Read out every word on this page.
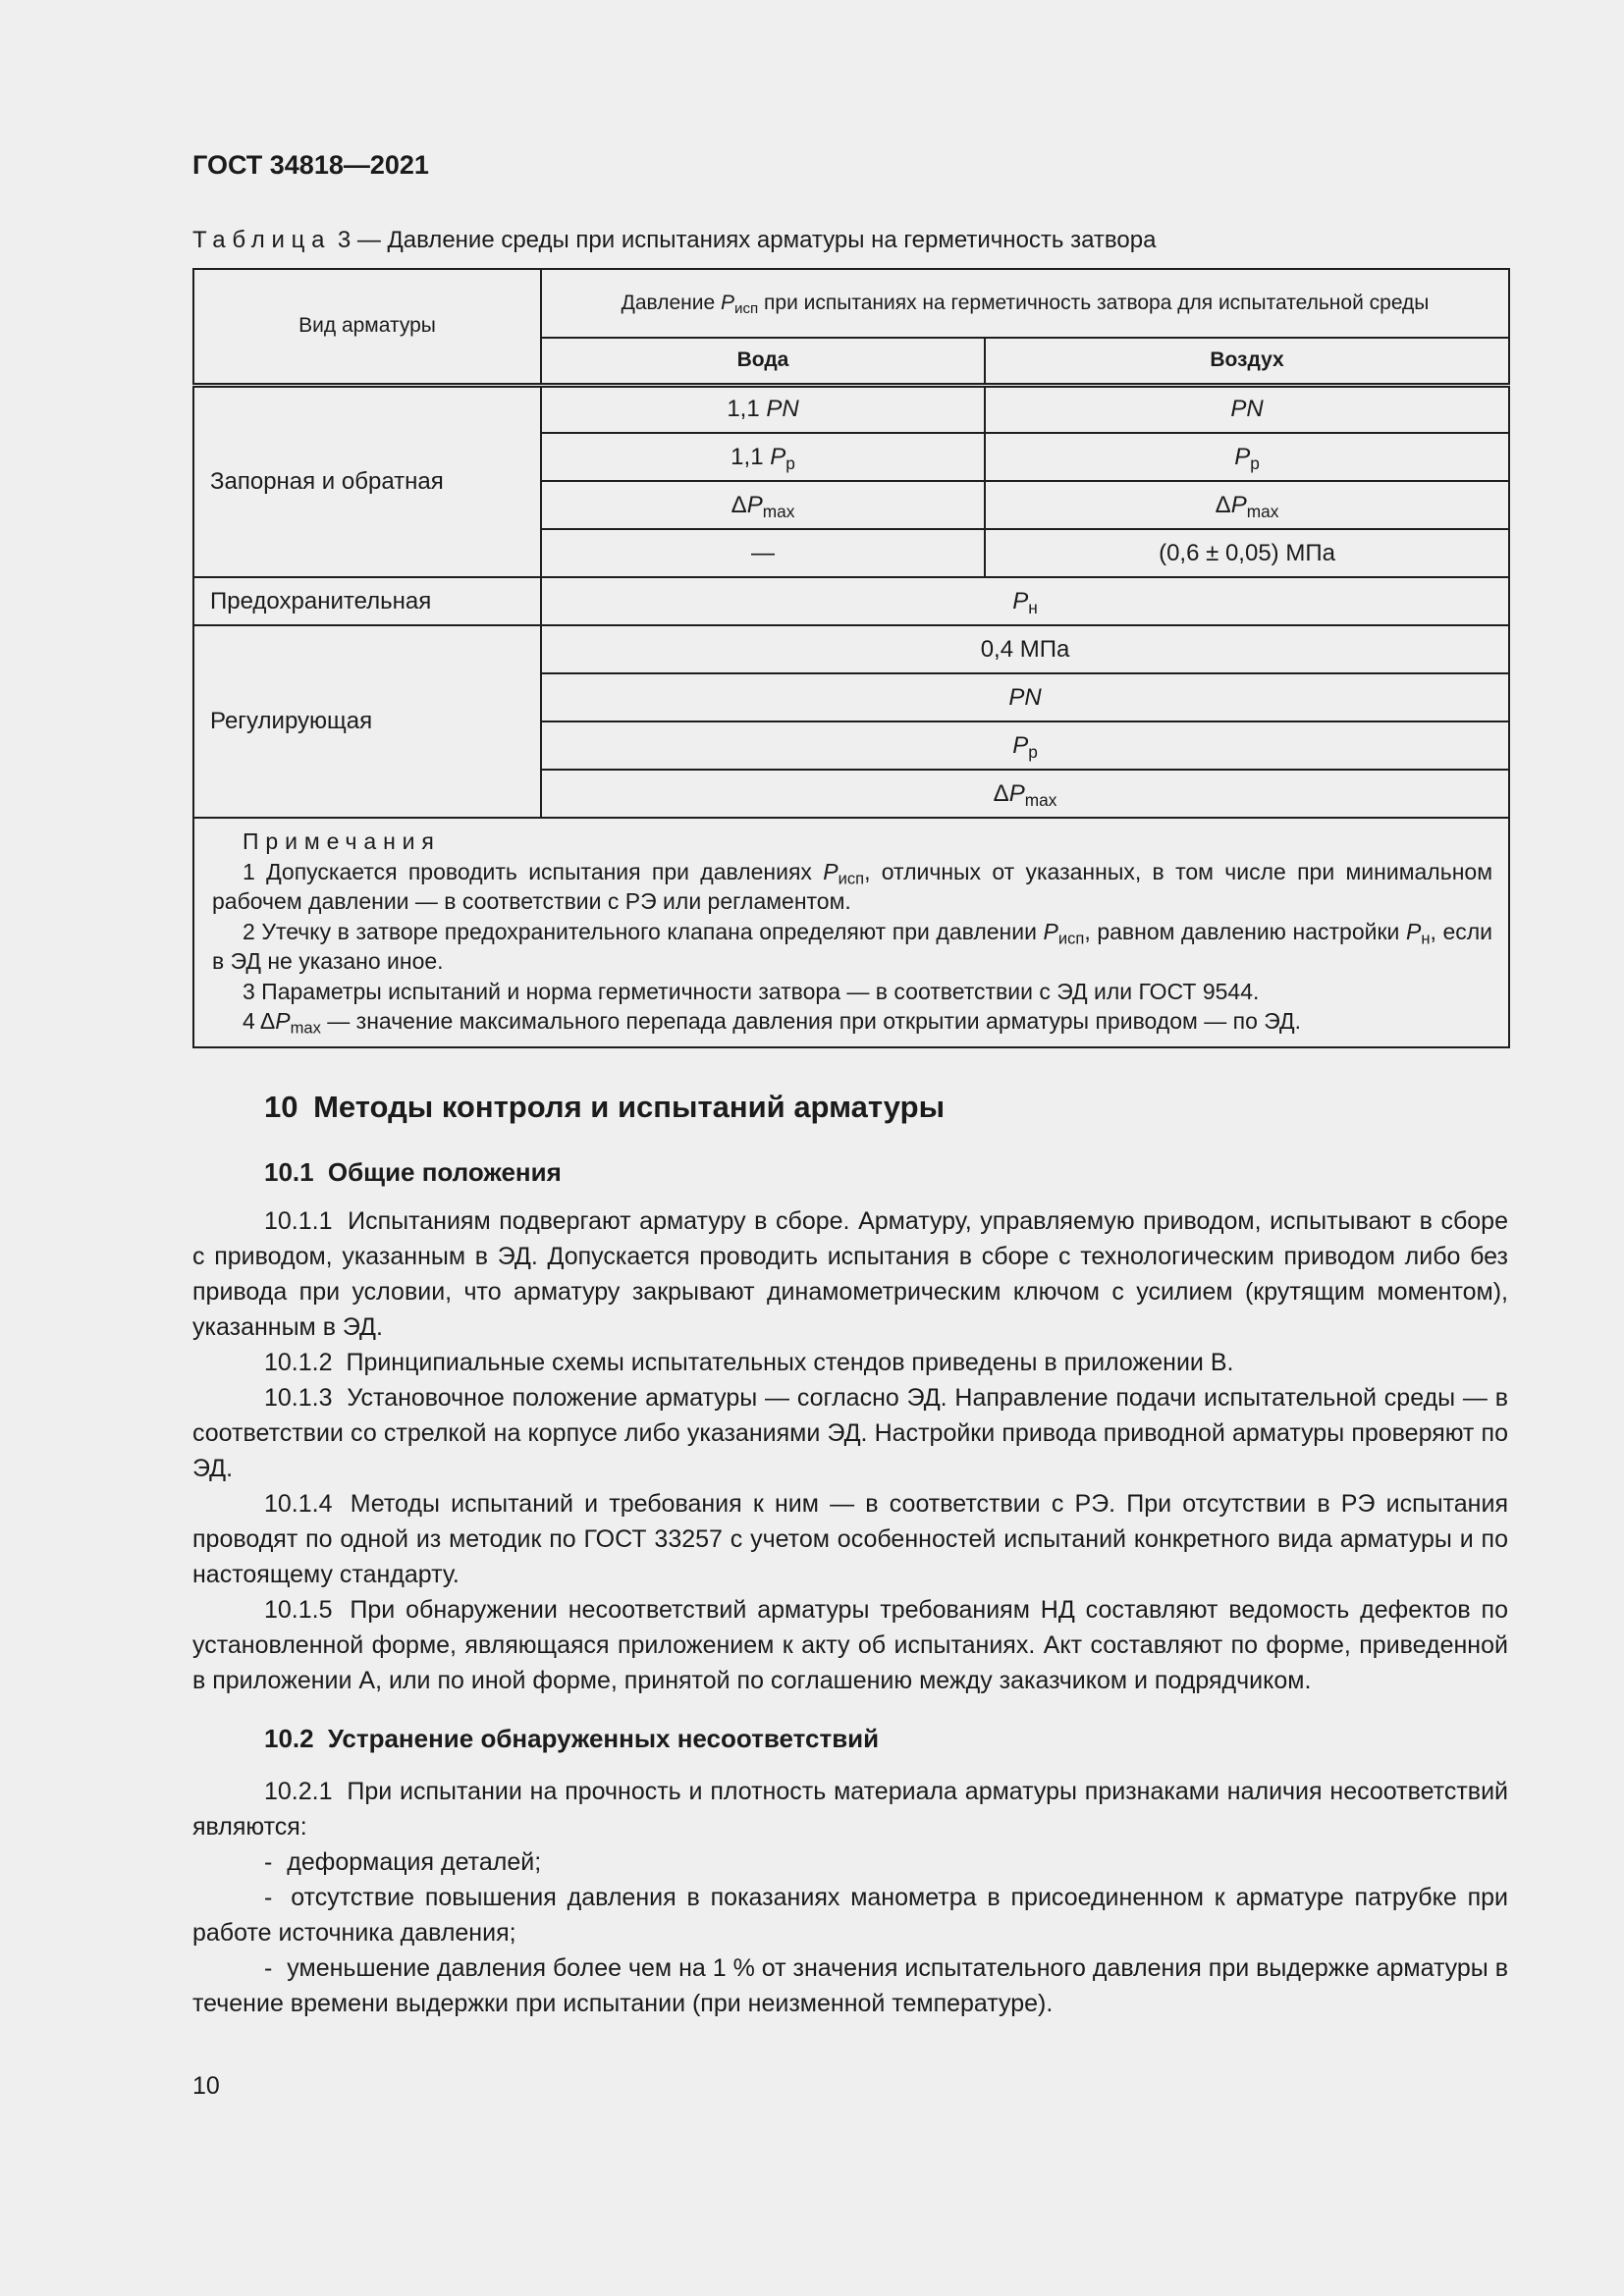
ГОСТ 34818—2021
Таблица 3 — Давление среды при испытаниях арматуры на герметичность затвора
Вид арматуры	Давление $P_{исп}$ при испытаниях на герметичность затвора для испытательной среды	
	Вода	Воздух
Запорная и обратная	1,1 PN	PN
	1,1 $P_р$	$P_р$
	$\Delta P_{max}$	$\Delta P_{max}$
	—	(0,6 ± 0,05) МПа
Предохранительная	$P_н$
Регулирующая	0,4 МПа	
	PN	
	$P_р$
	$\Delta P_{max}$

Примечания
1 Допускается проводить испытания при давлениях $P_{исп}$, отличных от указанных, в том числе при минимальном рабочем давлении — в соответствии с РЭ или регламентом.
2 Утечку в затворе предохранительного клапана определяют при давлении $P_{исп}$, равном давлению настройки $P_н$, если в ЭД не указано иное.
3 Параметры испытаний и норма герметичности затвора — в соответствии с ЭД или ГОСТ 9544.
4 $\Delta P_{max}$ — значение максимального перепада давления при открытии арматуры приводом — по ЭД.		
10 Методы контроля и испытаний арматуры
10.1 Общие положения

10.1.1 Испытаниям подвергают арматуру в сборе. Арматуру, управляемую приводом, испытывают в сборе с приводом, указанным в ЭД. Допускается проводить испытания в сборе с технологическим приводом либо без привода при условии, что арматуру закрывают динамометрическим ключом с усилием (крутящим моментом), указанным в ЭД.

10.1.2 Принципиальные схемы испытательных стендов приведены в приложении В.

10.1.3 Установочное положение арматуры — согласно ЭД. Направление подачи испытательной среды — в соответствии со стрелкой на корпусе либо указаниями ЭД. Настройки привода приводной арматуры проверяют по ЭД.

10.1.4 Методы испытаний и требования к ним — в соответствии с РЭ. При отсутствии в РЭ испытания проводят по одной из методик по ГОСТ 33257 с учетом особенностей испытаний конкретного вида арматуры и по настоящему стандарту.

10.1.5 При обнаружении несоответствий арматуры требованиям НД составляют ведомость дефектов по установленной форме, являющаяся приложением к акту об испытаниях. Акт составляют по форме, приведенной в приложении А, или по иной форме, принятой по соглашению между заказчиком и подрядчиком.

10.2 Устранение обнаруженных несоответствий

10.2.1 При испытании на прочность и плотность материала арматуры признаками наличия несоответствий являются:

- деформация деталей;

- отсутствие повышения давления в показаниях манометра в присоединенном к арматуре патрубке при работе источника давления;

- уменьшение давления более чем на 1 % от значения испытательного давления при выдержке арматуры в течение времени выдержки при испытании (при неизменной температуре).

10
